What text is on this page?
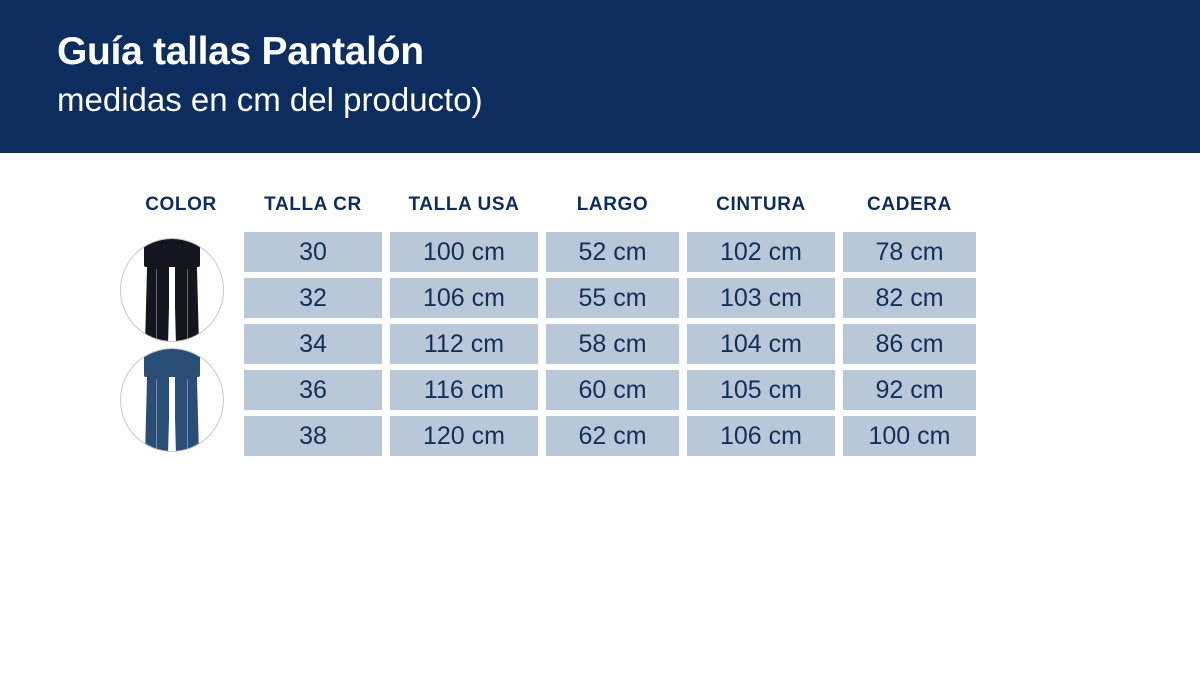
Guía tallas Pantalón
medidas en cm del producto)
COLOR	TALLA CR	TALLA USA	LARGO	CINTURA	CADERA
	30	100 cm	52 cm	102 cm	78 cm
	32	106 cm	55 cm	103 cm	82 cm
	34	112 cm	58 cm	104 cm	86 cm
	36	116 cm	60 cm	105 cm	92 cm
	38	120 cm	62 cm	106 cm	100 cm
